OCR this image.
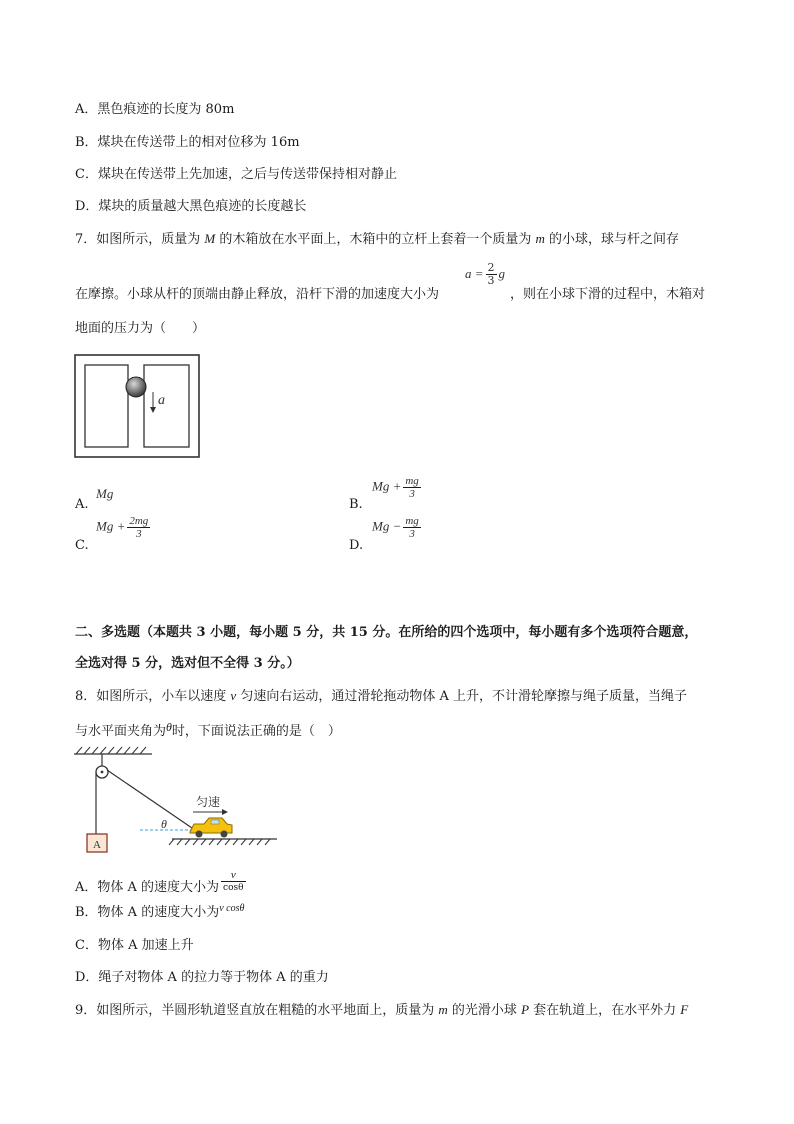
A．黑色痕迹的长度为 80m
B．煤块在传送带上的相对位移为 16m
C．煤块在传送带上先加速，之后与传送带保持相对静止
D．煤块的质量越大黑色痕迹的长度越长
7．如图所示，质量为 M 的木箱放在水平面上，木箱中的立杆上套着一个质量为 m 的小球，球与杆之间存
在摩擦。小球从杆的顶端由静止释放，沿杆下滑的加速度大小为
$a = \frac{2}{3}$ g
，则在小球下滑的过程中，木箱对
地面的压力为（　　）
a
A.
Mg
B.
$Mg + \frac{mg}{3}$
C.
$Mg + \frac{2mg}{3}$
D.
$Mg - \frac{mg}{3}$
二、多选题（本题共 3 小题，每小题 5 分，共 15 分。在所给的四个选项中，每小题有多个选项符合题意，
全选对得 5 分，选对但不全得 3 分。）
8．如图所示，小车以速度 v 匀速向右运动，通过滑轮拖动物体 A 上升，不计滑轮摩擦与绳子质量，当绳子
与水平面夹角为θ时，下面说法正确的是（　）
A
θ
匀速
A．物体 A 的速度大小为 $\frac{v}{\cos\theta}$
B．物体 A 的速度大小为$^{v cos\theta}$
C．物体 A 加速上升
D．绳子对物体 A 的拉力等于物体 A 的重力
9．如图所示，半圆形轨道竖直放在粗糙的水平地面上，质量为 m 的光滑小球 P 套在轨道上，在水平外力 F
